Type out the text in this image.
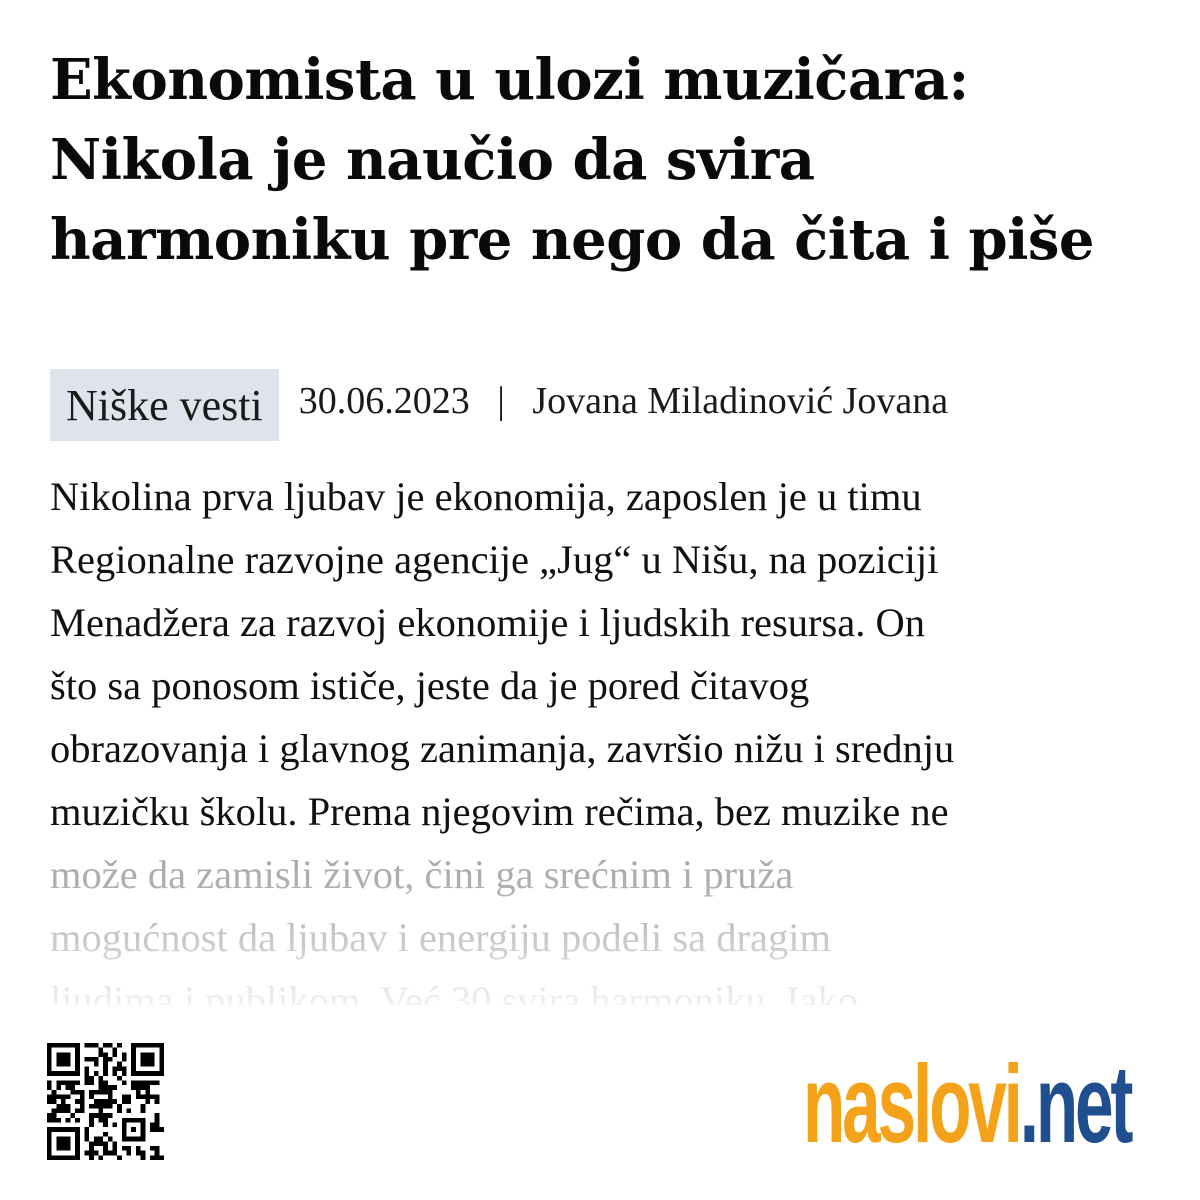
Ekonomista u ulozi muzičara: Nikola je naučio da svira harmoniku pre nego da čita i piše
Niške vesti 30.06.2023 | Jovana Miladinović Jovana
Nikolina prva ljubav je ekonomija, zaposlen je u timu
Regionalne razvojne agencije „Jug“ u Nišu, na poziciji
Menadžera za razvoj ekonomije i ljudskih resursa. On
što sa ponosom ističe, jeste da je pored čitavog
obrazovanja i glavnog zanimanja, završio nižu i srednju
muzičku školu. Prema njegovim rečima, bez muzike ne
naslovi.net
